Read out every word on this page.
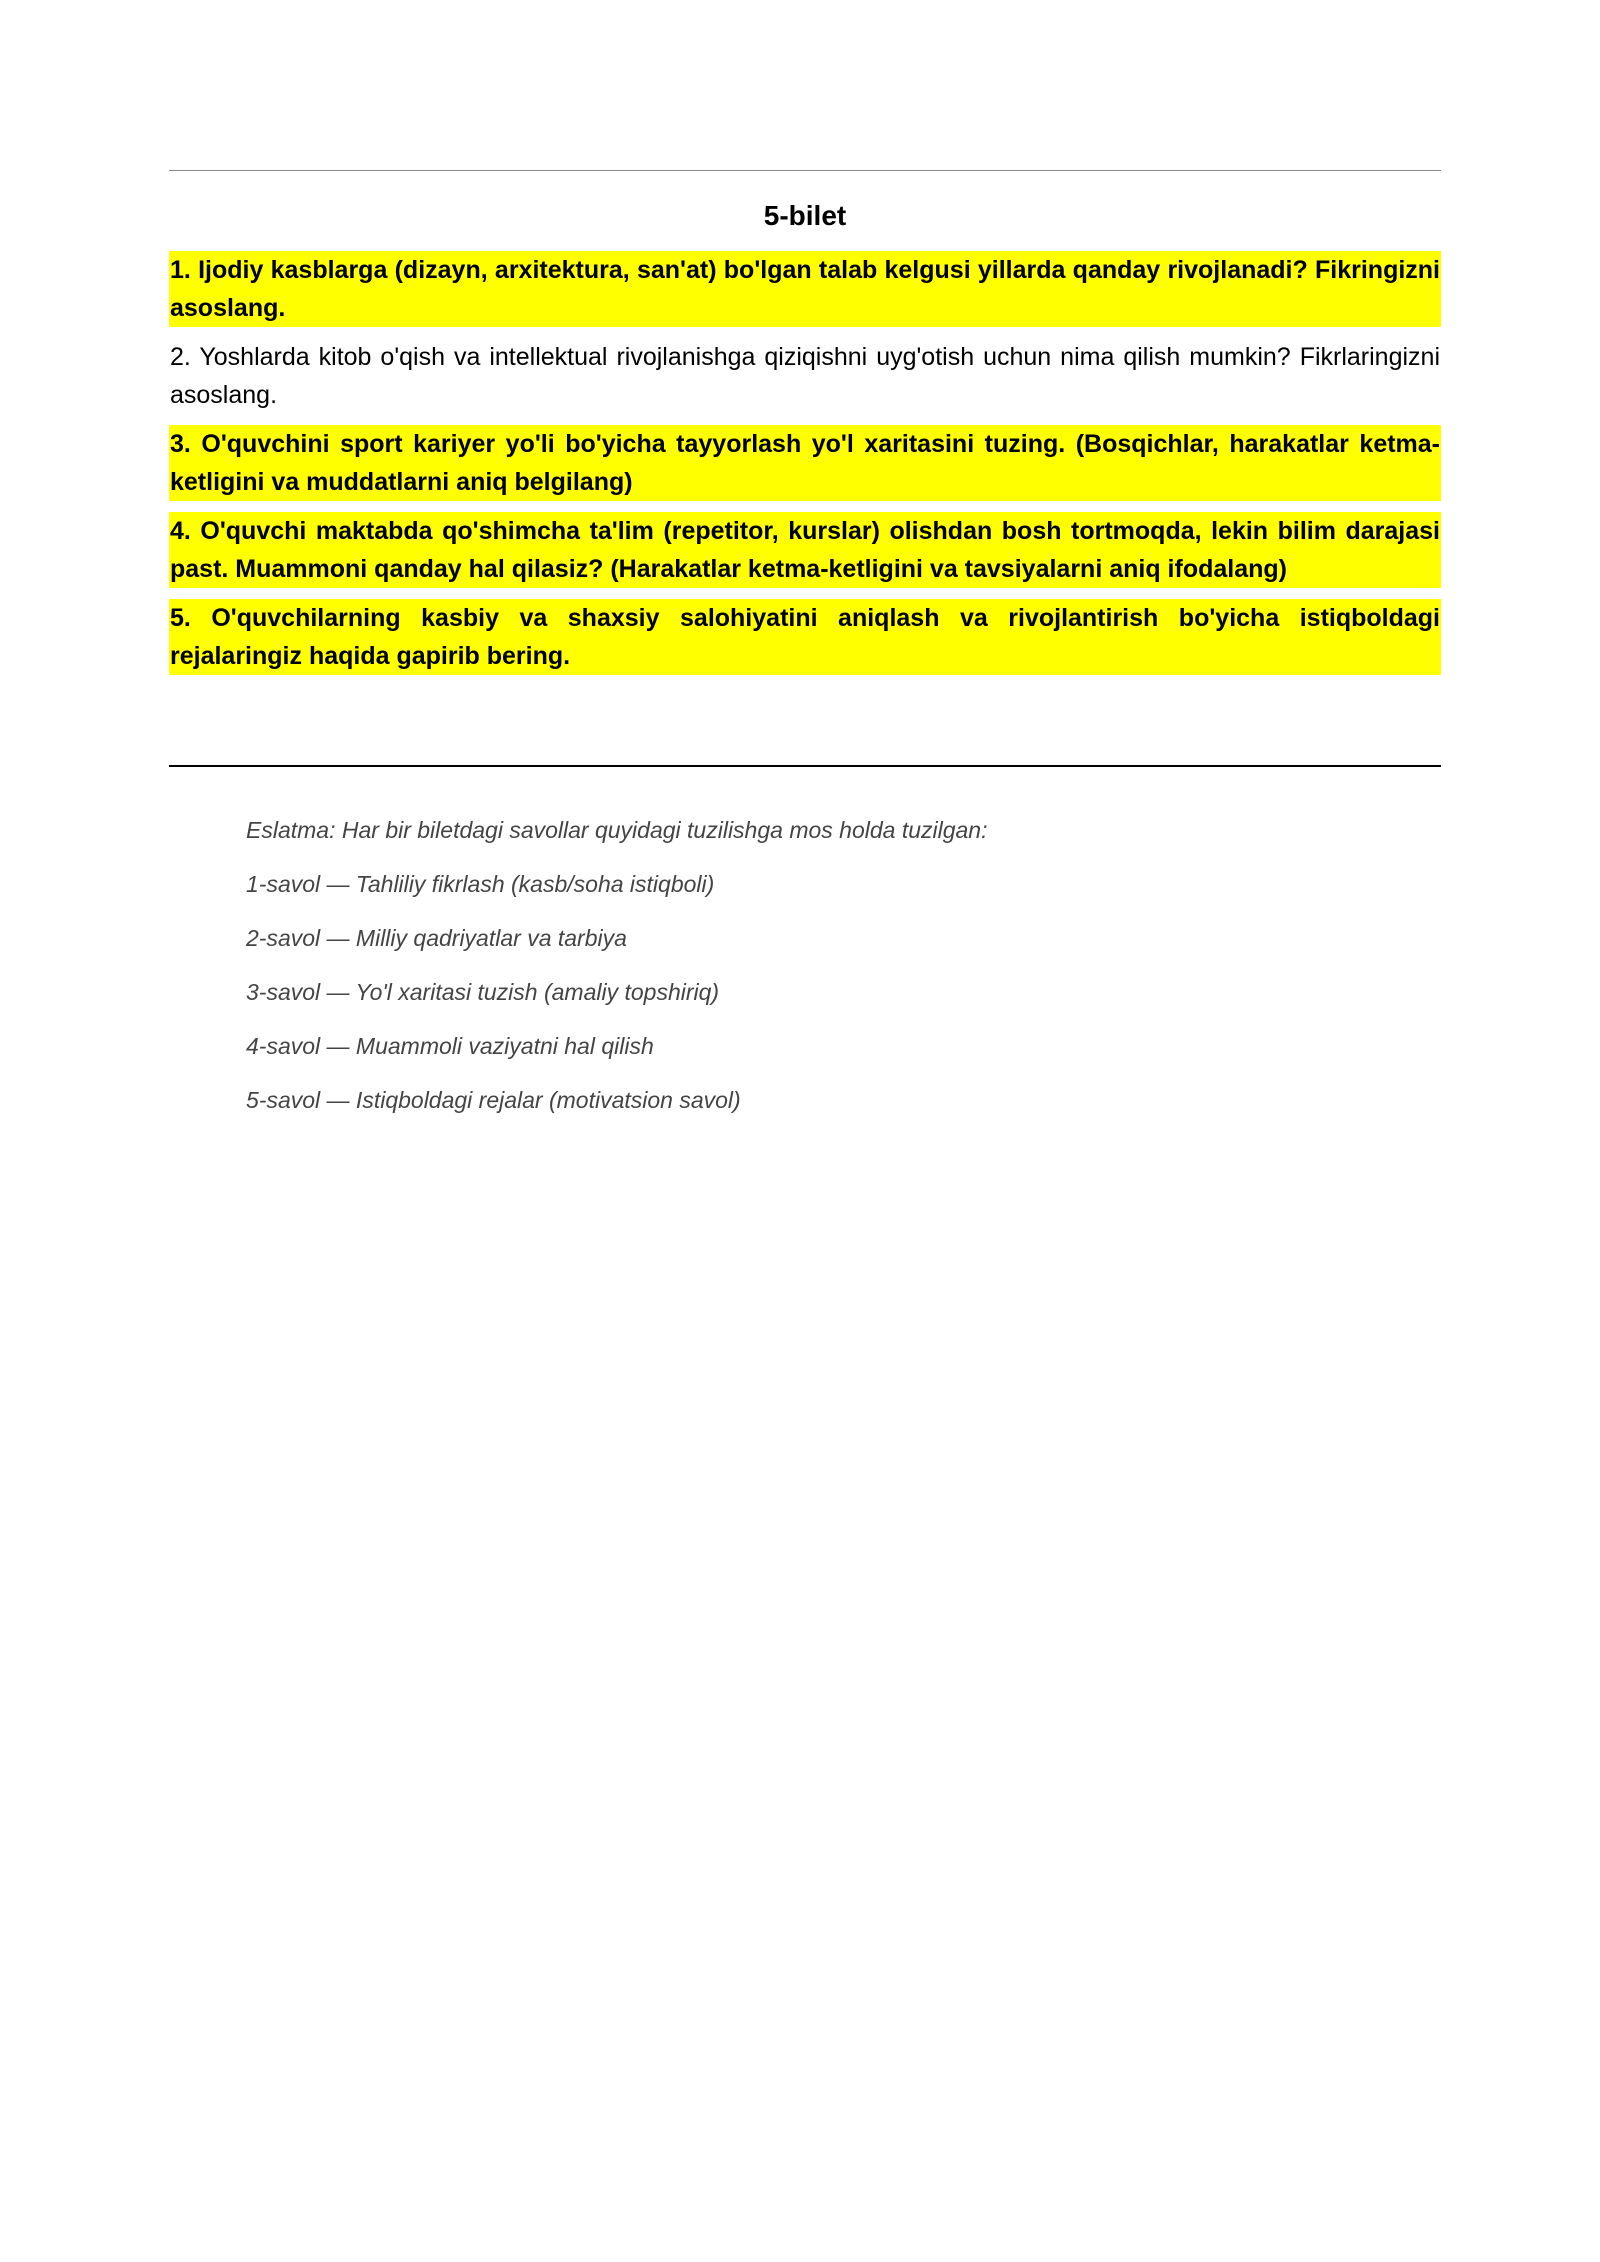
5-bilet

1. Ijodiy kasblarga (dizayn, arxitektura, san'at) bo'lgan talab kelgusi yillarda qanday rivojlanadi? Fikringizni asoslang.

2. Yoshlarda kitob o'qish va intellektual rivojlanishga qiziqishni uyg'otish uchun nima qilish mumkin? Fikrlaringizni asoslang.

3. O'quvchini sport kariyer yo'li bo'yicha tayyorlash yo'l xaritasini tuzing. (Bosqichlar, harakatlar ketma-ketligini va muddatlarni aniq belgilang)

4. O'quvchi maktabda qo'shimcha ta'lim (repetitor, kurslar) olishdan bosh tortmoqda, lekin bilim darajasi past. Muammoni qanday hal qilasiz? (Harakatlar ketma-ketligini va tavsiyalarni aniq ifodalang)

5. O'quvchilarning kasbiy va shaxsiy salohiyatini aniqlash va rivojlantirish bo'yicha istiqboldagi rejalaringiz haqida gapirib bering.

Eslatma: Har bir biletdagi savollar quyidagi tuzilishga mos holda tuzilgan:
1-savol — Tahliliy fikrlash (kasb/soha istiqboli)
2-savol — Milliy qadriyatlar va tarbiya
3-savol — Yo'l xaritasi tuzish (amaliy topshiriq)
4-savol — Muammoli vaziyatni hal qilish
5-savol — Istiqboldagi rejalar (motivatsion savol)
